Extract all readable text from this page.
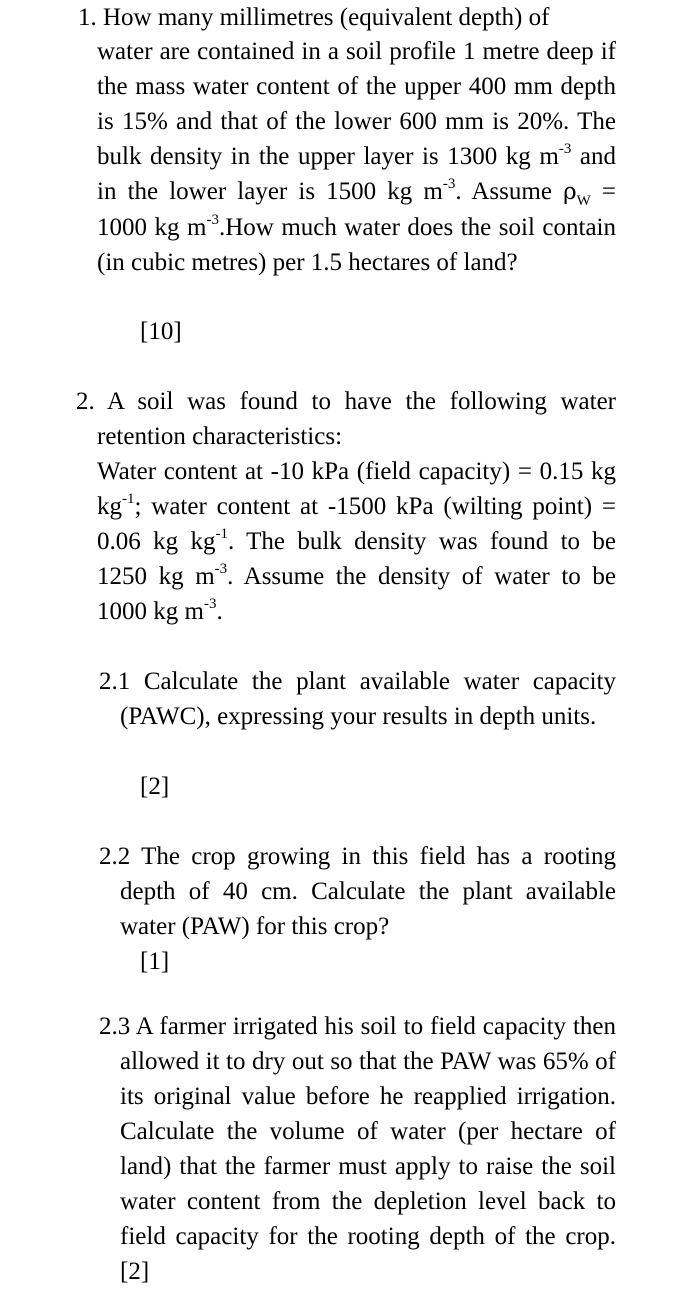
1. How many millimetres (equivalent depth) of

water are contained in a soil profile 1 metre deep if the mass water content of the upper 400 mm depth is 15% and that of the lower 600 mm is 20%. The bulk density in the upper layer is 1300 kg $m^{-3}$ and in the lower layer is 1500 kg $m^{-3}$. Assume $\rho_W = 1000$ kg $m^{-3}.How$ much water does the soil contain (in cubic metres) per 1.5 hectares of land?

[10]

2. A soil was found to have the following water retention characteristics:

Water content at -10 kPa (field capacity) = 0.15 kg $kg^{-1}$; water content at -1500 kPa (wilting point) = 0.06 kg $kg^{-1}$. The bulk density was found to be 1250 kg $m^{-3}$. Assume the density of water to be 1000 kg $m^{-3}$.

2.1 Calculate the plant available water capacity (PAWC), expressing your results in depth units.

[2]

2.2 The crop growing in this field has a rooting depth of 40 cm. Calculate the plant available water (PAW) for this crop?

[1]

2.3 A farmer irrigated his soil to field capacity then allowed it to dry out so that the PAW was 65% of its original value before he reapplied irrigation. Calculate the volume of water (per hectare of land) that the farmer must apply to raise the soil water content from the depletion level back to field capacity for the rooting depth of the crop.[2]
